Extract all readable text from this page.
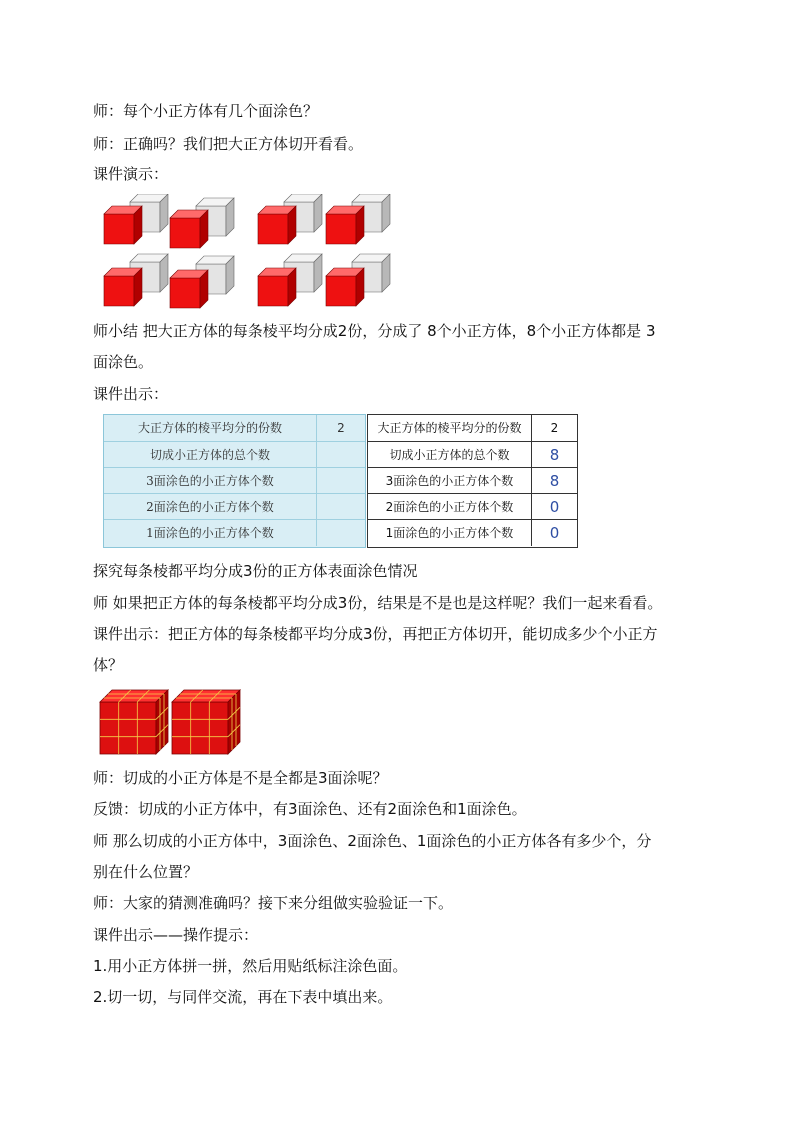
师：每个小正方体有几个面涂色？
师：正确吗？我们把大正方体切开看看。
课件演示：
师小结 把大正方体的每条棱平均分成2份，分成了 8个小正方体，8个小正方体都是 3
面涂色。
课件出示：
大正方体的棱平均分的份数	2
切成小正方体的总个数
3面涂色的小正方体个数
2面涂色的小正方体个数
1面涂色的小正方体个数
大正方体的棱平均分的份数	2
切成小正方体的总个数	8
3面涂色的小正方体个数	8
2面涂色的小正方体个数	0
1面涂色的小正方体个数	0
探究每条棱都平均分成3份的正方体表面涂色情况
师 如果把正方体的每条棱都平均分成3份，结果是不是也是这样呢？我们一起来看看。
课件出示：把正方体的每条棱都平均分成3份，再把正方体切开，能切成多少个小正方
体？
师：切成的小正方体是不是全都是3面涂呢？
反馈：切成的小正方体中，有3面涂色、还有2面涂色和1面涂色。
师 那么切成的小正方体中，3面涂色、2面涂色、1面涂色的小正方体各有多少个，分
别在什么位置？
师：大家的猜测准确吗？接下来分组做实验验证一下。
课件出示——操作提示：
1.用小正方体拼一拼，然后用贴纸标注涂色面。
2.切一切，与同伴交流，再在下表中填出来。
